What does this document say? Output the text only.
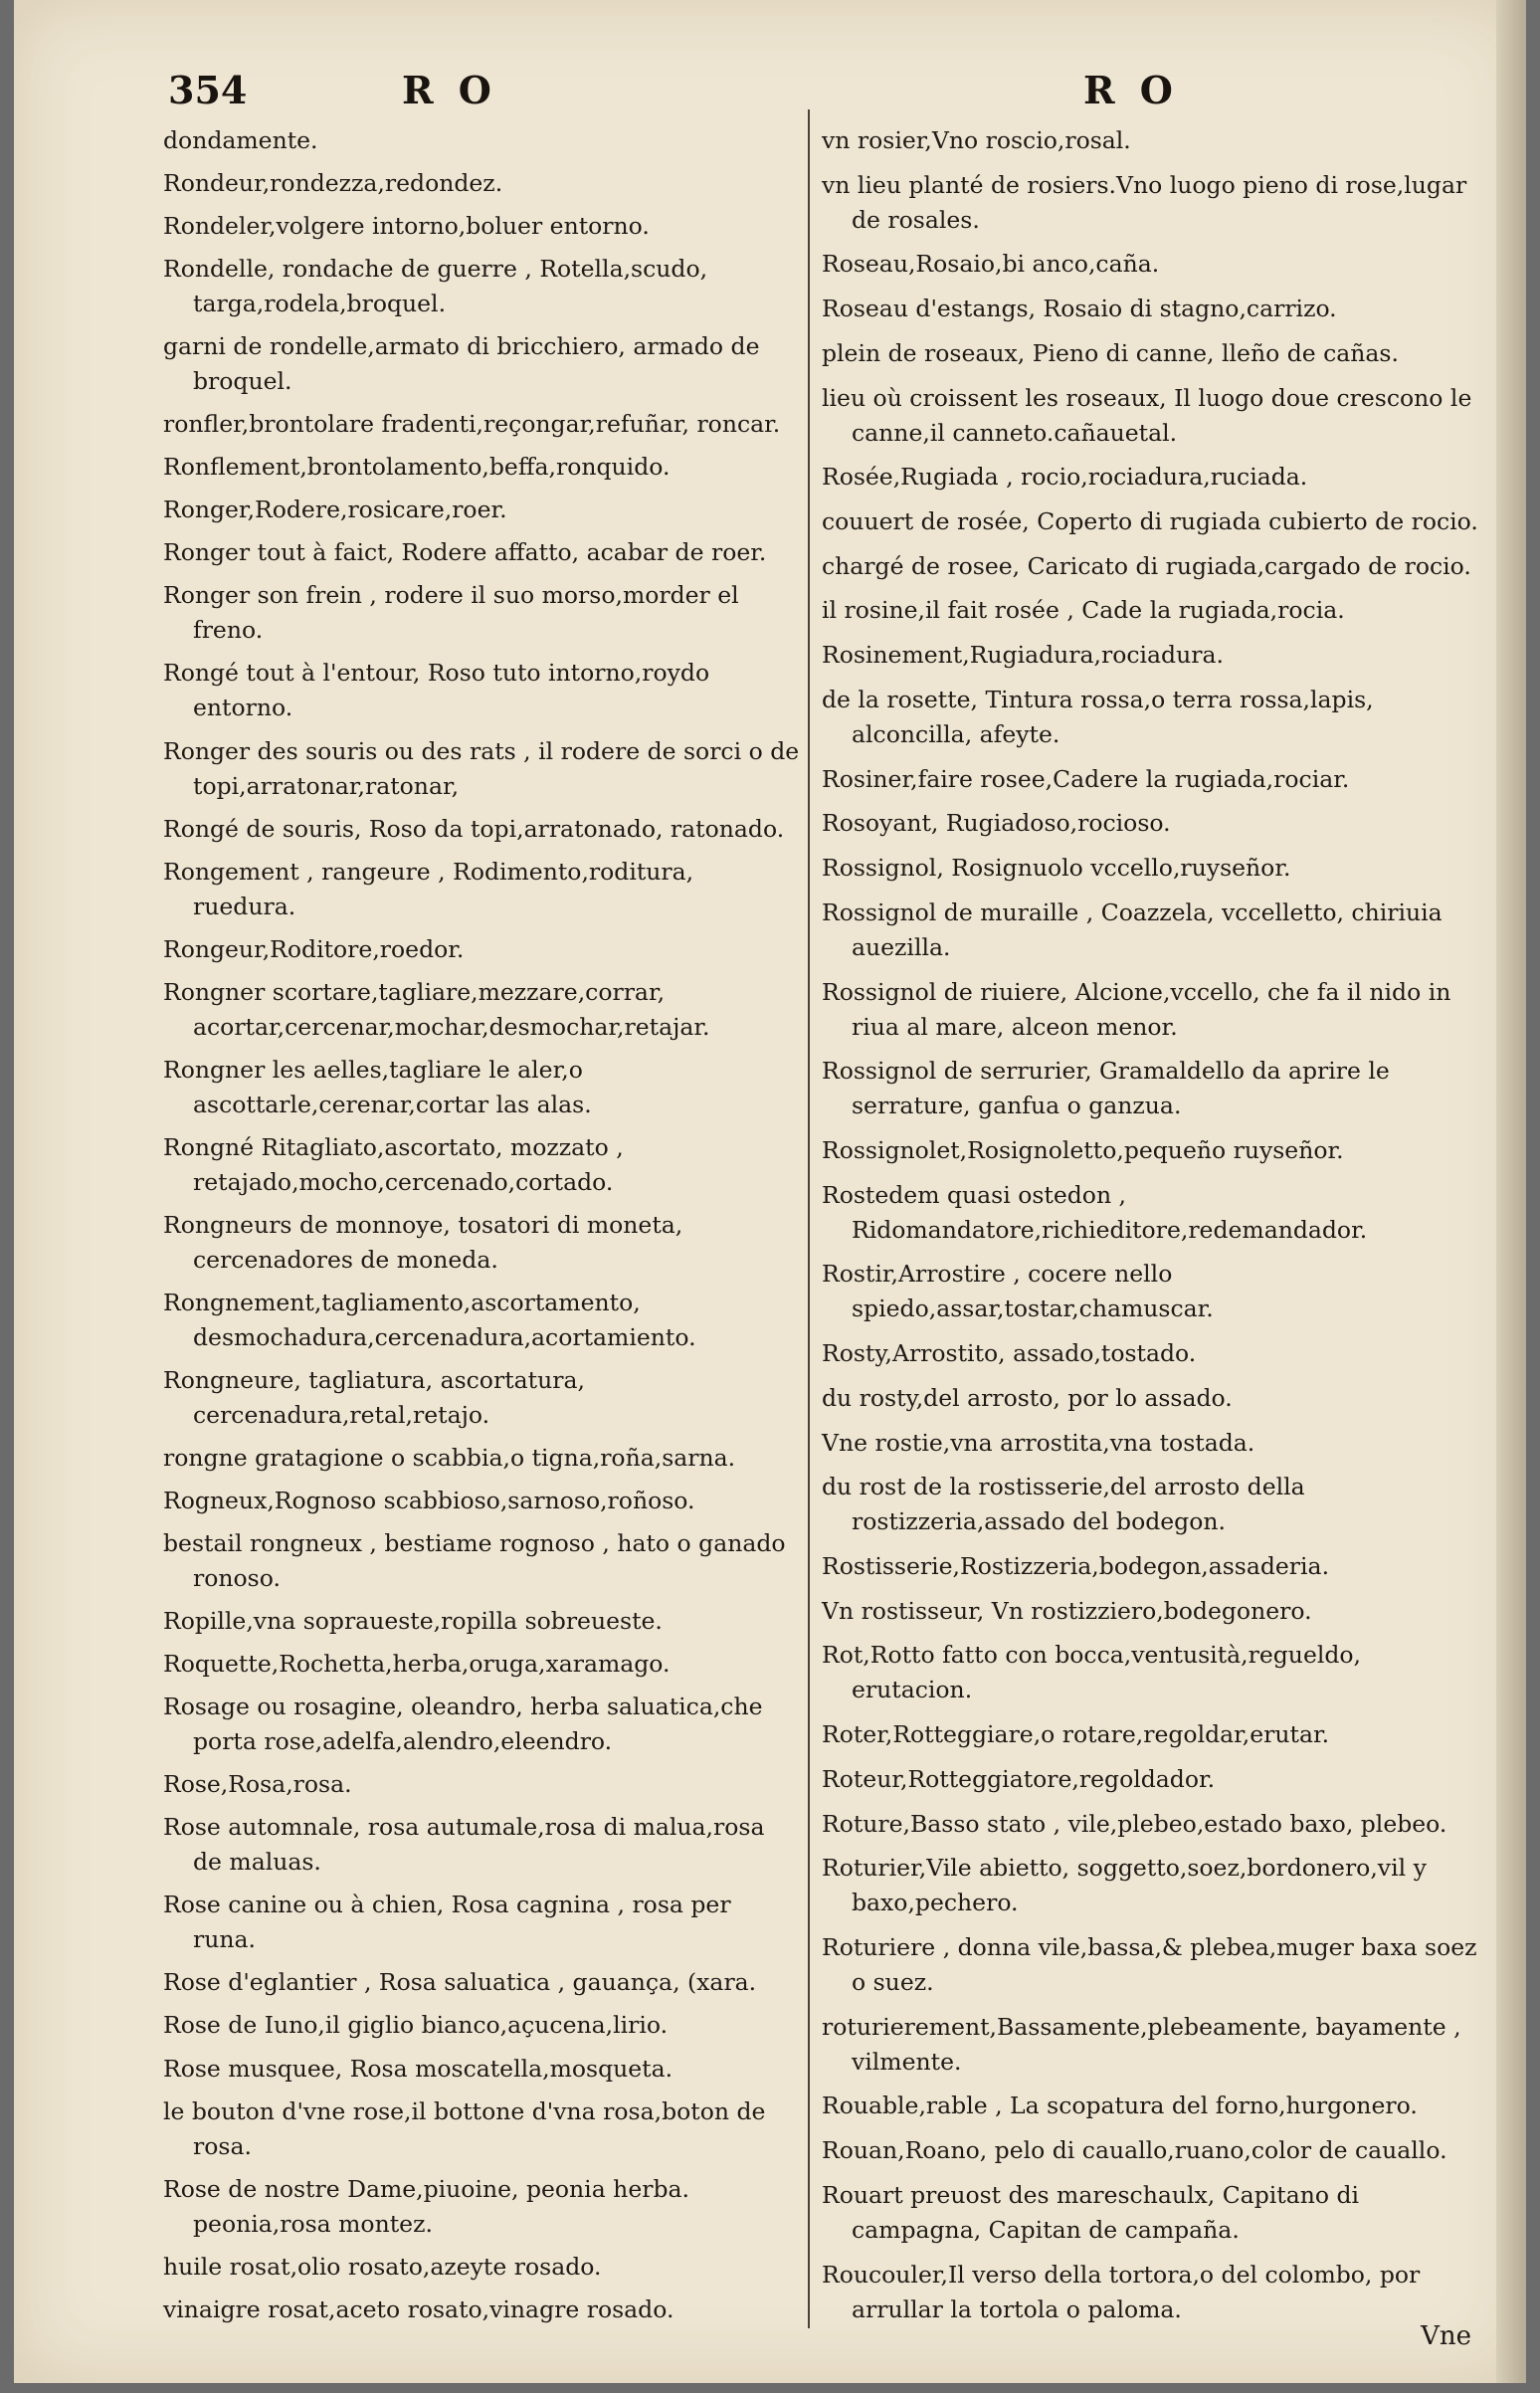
354	R O	R O
dondamente.
Rondeur,rondezza,redondez.
Rondeler,volgere intorno,boluer entorno.
Rondelle, rondache de guerre , Rotella,scudo, targa,rodela,broquel.
garni de rondelle,armato di bricchiero, armado de broquel.
ronfler,brontolare fradenti,reçongar,refuñar, roncar.
Ronflement,brontolamento,beffa,ronquido.
Ronger,Rodere,rosicare,roer.
Ronger tout à faict, Rodere affatto, acabar de roer.
Ronger son frein , rodere il suo morso,morder el freno.
Rongé tout à l'entour, Roso tuto intorno,roydo entorno.
Ronger des souris ou des rats , il rodere de sorci o de topi,arratonar,ratonar,
Rongé de souris, Roso da topi,arratonado, ratonado.
Rongement , rangeure , Rodimento,roditura, ruedura.
Rongeur,Roditore,roedor.
Rongner scortare,tagliare,mezzare,corrar, acortar,cercenar,mochar,desmochar,retajar.
Rongner les aelles,tagliare le aler,o ascottarle,cerenar,cortar las alas.
Rongné Ritagliato,ascortato, mozzato , retajado,mocho,cercenado,cortado.
Rongneurs de monnoye, tosatori di moneta, cercenadores de moneda.
Rongnement,tagliamento,ascortamento, desmochadura,cercenadura,acortamiento.
Rongneure, tagliatura, ascortatura, cercenadura,retal,retajo.
rongne gratagione o scabbia,o tigna,roña,sarna.
Rogneux,Rognoso scabbioso,sarnoso,roñoso.
bestail rongneux , bestiame rognoso , hato o ganado ronoso.
Ropille,vna sopraueste,ropilla sobreueste.
Roquette,Rochetta,herba,oruga,xaramago.
Rosage ou rosagine, oleandro, herba saluatica,che porta rose,adelfa,alendro,eleendro.
Rose,Rosa,rosa.
Rose automnale, rosa autumale,rosa di malua,rosa de maluas.
Rose canine ou à chien, Rosa cagnina , rosa per runa.
Rose d'eglantier , Rosa saluatica , gauança, (xara.
Rose de Iuno,il giglio bianco,açucena,lirio.
Rose musquee, Rosa moscatella,mosqueta.
le bouton d'vne rose,il bottone d'vna rosa,boton de rosa.
Rose de nostre Dame,piuoine, peonia herba. peonia,rosa montez.
huile rosat,olio rosato,azeyte rosado.
vinaigre rosat,aceto rosato,vinagre rosado.
vn rosier,Vno roscio,rosal.
vn lieu planté de rosiers.Vno luogo pieno di rose,lugar de rosales.
Roseau,Rosaio,bi anco,caña.
Roseau d'estangs, Rosaio di stagno,carrizo.
plein de roseaux, Pieno di canne, lleño de cañas.
lieu où croissent les roseaux, Il luogo doue crescono le canne,il canneto.cañauetal.
Rosée,Rugiada , rocio,rociadura,ruciada.
couuert de rosée, Coperto di rugiada cubierto de rocio.
chargé de rosee, Caricato di rugiada,cargado de rocio.
il rosine,il fait rosée , Cade la rugiada,rocia.
Rosinement,Rugiadura,rociadura.
de la rosette, Tintura rossa,o terra rossa,lapis, alconcilla, afeyte.
Rosiner,faire rosee,Cadere la rugiada,rociar.
Rosoyant, Rugiadoso,rocioso.
Rossignol, Rosignuolo vccello,ruyseñor.
Rossignol de muraille , Coazzela, vccelletto, chiriuia auezilla.
Rossignol de riuiere, Alcione,vccello, che fa il nido in riua al mare, alceon menor.
Rossignol de serrurier, Gramaldello da aprire le serrature, ganfua o ganzua.
Rossignolet,Rosignoletto,pequeño ruyseñor.
Rostedem quasi ostedon , Ridomandatore,richieditore,redemandador.
Rostir,Arrostire , cocere nello spiedo,assar,tostar,chamuscar.
Rosty,Arrostito, assado,tostado.
du rosty,del arrosto, por lo assado.
Vne rostie,vna arrostita,vna tostada.
du rost de la rostisserie,del arrosto della rostizzeria,assado del bodegon.
Rostisserie,Rostizzeria,bodegon,assaderia.
Vn rostisseur, Vn rostizziero,bodegonero.
Rot,Rotto fatto con bocca,ventusità,regueldo, erutacion.
Roter,Rotteggiare,o rotare,regoldar,erutar.
Roteur,Rotteggiatore,regoldador.
Roture,Basso stato , vile,plebeo,estado baxo, plebeo.
Roturier,Vile abietto, soggetto,soez,bordonero,vil y baxo,pechero.
Roturiere , donna vile,bassa,& plebea,muger baxa soez o suez.
roturierement,Bassamente,plebeamente, bayamente , vilmente.
Rouable,rable , La scopatura del forno,hurgonero.
Rouan,Roano, pelo di cauallo,ruano,color de cauallo.
Rouart preuost des mareschaulx, Capitano di campagna, Capitan de campaña.
Roucouler,Il verso della tortora,o del colombo, por arrullar la tortola o paloma.
Vne
